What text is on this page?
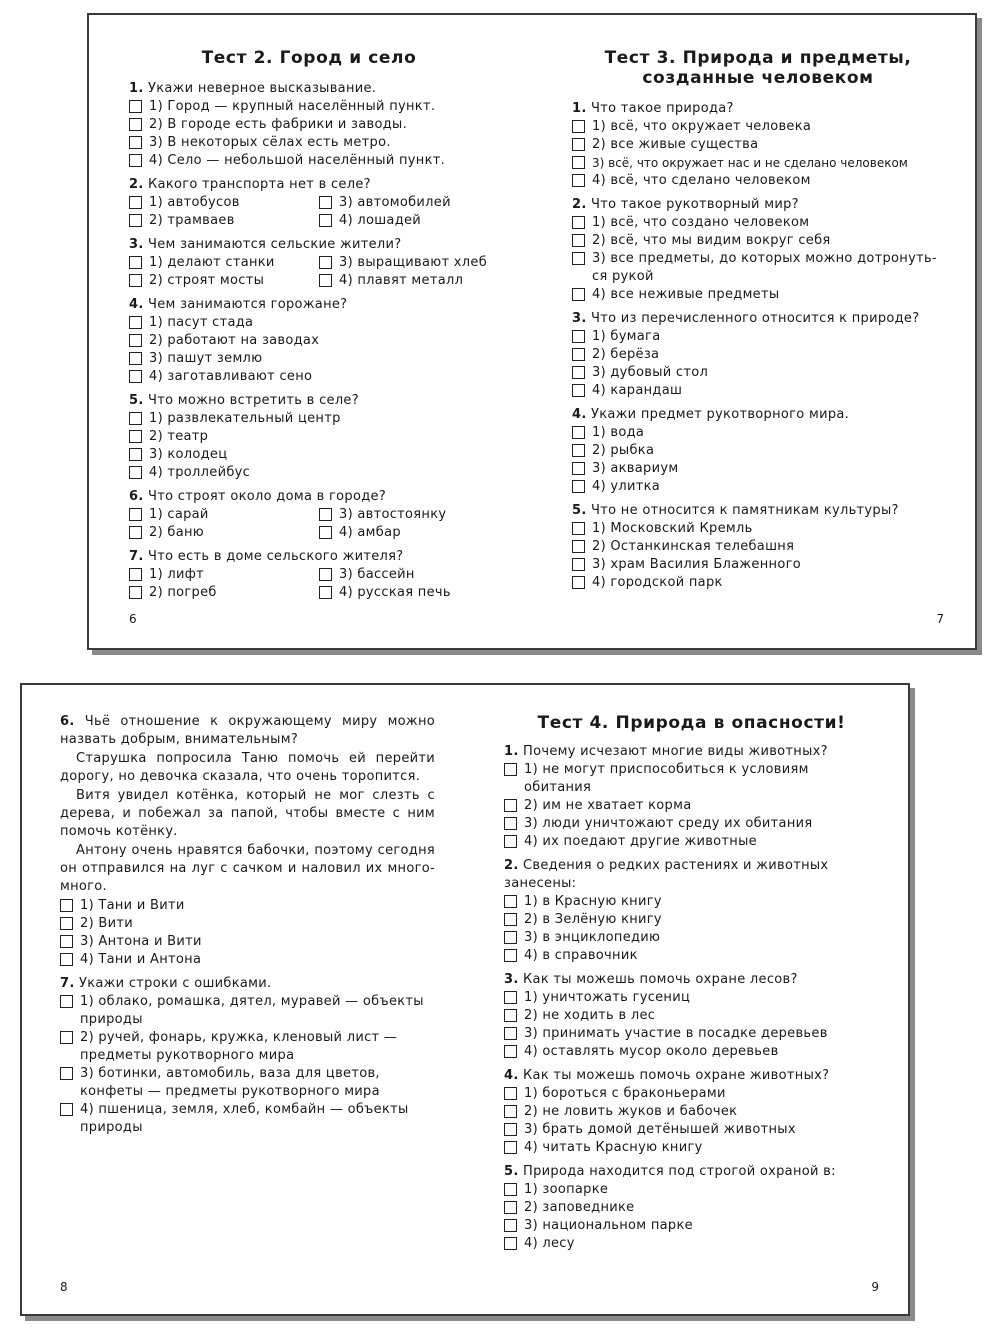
Тест 2. Город и село
1. Укажи неверное высказывание.
1) Город — крупный населённый пункт.
2) В городе есть фабрики и заводы.
3) В некоторых сёлах есть метро.
4) Село — небольшой населённый пункт.
2. Какого транспорта нет в селе?
1) автобусов	3) автомобилей
2) трамваев	4) лошадей
3. Чем занимаются сельские жители?
1) делают станки	3) выращивают хлеб
2) строят мосты	4) плавят металл
4. Чем занимаются горожане?
1) пасут стада
2) работают на заводах
3) пашут землю
4) заготавливают сено
5. Что можно встретить в селе?
1) развлекательный центр
2) театр
3) колодец
4) троллейбус
6. Что строят около дома в городе?
1) сарай	3) автостоянку
2) баню	4) амбар
7. Что есть в доме сельского жителя?
1) лифт	3) бассейн
2) погреб	4) русская печь
6
Тест 3. Природа и предметы,
созданные человеком
1. Что такое природа?
1) всё, что окружает человека
2) все живые существа
3) всё, что окружает нас и не сделано человеком
4) всё, что сделано человеком
2. Что такое рукотворный мир?
1) всё, что создано человеком
2) всё, что мы видим вокруг себя
3) все предметы, до которых можно дотронуть-ся рукой
4) все неживые предметы
3. Что из перечисленного относится к природе?
1) бумага
2) берёза
3) дубовый стол
4) карандаш
4. Укажи предмет рукотворного мира.
1) вода
2) рыбка
3) аквариум
4) улитка
5. Что не относится к памятникам культуры?
1) Московский Кремль
2) Останкинская телебашня
3) храм Василия Блаженного
4) городской парк
7
6. Чьё отношение к окружающему миру можно назвать добрым, внимательным?
Старушка попросила Таню помочь ей перейти дорогу, но девочка сказала, что очень торопится.
Витя увидел котёнка, который не мог слезть с дерева, и побежал за папой, чтобы вместе с ним помочь котёнку.
Антону очень нравятся бабочки, поэтому сегодня он отправился на луг с сачком и наловил их много-много.
1) Тани и Вити
2) Вити
3) Антона и Вити
4) Тани и Антона
7. Укажи строки с ошибками.
1) облако, ромашка, дятел, муравей — объекты природы
2) ручей, фонарь, кружка, кленовый лист — предметы рукотворного мира
3) ботинки, автомобиль, ваза для цветов, конфеты — предметы рукотворного мира
4) пшеница, земля, хлеб, комбайн — объекты природы
8
Тест 4. Природа в опасности!
1. Почему исчезают многие виды животных?
1) не могут приспособиться к условиям обитания
2) им не хватает корма
3) люди уничтожают среду их обитания
4) их поедают другие животные
2. Сведения о редких растениях и животных занесены:
1) в Красную книгу
2) в Зелёную книгу
3) в энциклопедию
4) в справочник
3. Как ты можешь помочь охране лесов?
1) уничтожать гусениц
2) не ходить в лес
3) принимать участие в посадке деревьев
4) оставлять мусор около деревьев
4. Как ты можешь помочь охране животных?
1) бороться с браконьерами
2) не ловить жуков и бабочек
3) брать домой детёнышей животных
4) читать Красную книгу
5. Природа находится под строгой охраной в:
1) зоопарке
2) заповеднике
3) национальном парке
4) лесу
9
